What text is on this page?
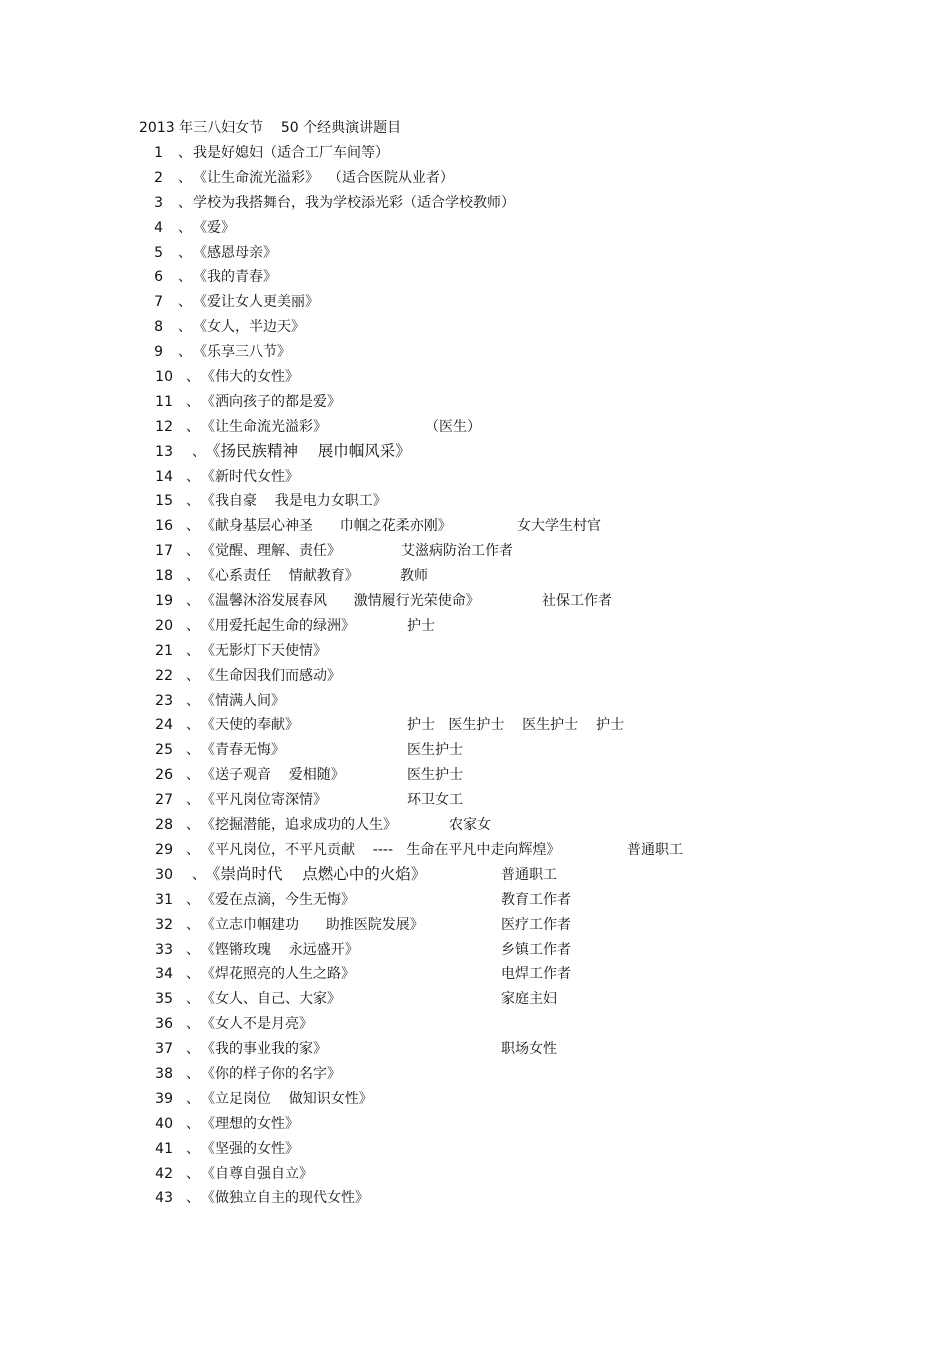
2013 年三八妇女节    50 个经典演讲题目
1 、 我是好媳妇（适合工厂车间等）
2 、 《让生命流光溢彩》  （适合医院从业者）
3 、 学校为我搭舞台，我为学校添光彩（适合学校教师）
4 、 《爱》
5 、 《感恩母亲》
6 、 《我的青春》
7 、 《爱让女人更美丽》
8 、 《女人，半边天》
9 、 《乐享三八节》
10 、 《伟大的女性》
11 、 《洒向孩子的都是爱》
12 、 《让生命流光溢彩》	（医生）
13 、 《扬民族精神    展巾帼风采》
14 、 《新时代女性》
15 、 《我自豪    我是电力女职工》
16 、 《献身基层心神圣      巾帼之花柔亦刚》	女大学生村官
17 、 《觉醒、理解、责任》	艾滋病防治工作者
18 、 《心系责任    情献教育》	教师
19 、 《温馨沐浴发展春风      激情履行光荣使命》	社保工作者
20 、 《用爱托起生命的绿洲》	护士
21 、 《无影灯下天使情》
22 、 《生命因我们而感动》
23 、 《情满人间》
24 、 《天使的奉献》	护士   医生护士    医生护士    护士
25 、 《青春无悔》	医生护士
26 、 《送子观音    爱相随》	医生护士
27 、 《平凡岗位寄深情》	环卫女工
28 、 《挖掘潜能，追求成功的人生》	农家女
29 、 《平凡岗位，不平凡贡献    ----   生命在平凡中走向辉煌》	普通职工
30 、 《崇尚时代    点燃心中的火焰》	普通职工
31 、 《爱在点滴，今生无悔》	教育工作者
32 、 《立志巾帼建功      助推医院发展》	医疗工作者
33 、 《铿锵玫瑰    永远盛开》	乡镇工作者
34 、 《焊花照亮的人生之路》	电焊工作者
35 、 《女人、自己、大家》	家庭主妇
36 、 《女人不是月亮》
37 、 《我的事业我的家》	职场女性
38 、 《你的样子你的名字》
39 、 《立足岗位    做知识女性》
40 、 《理想的女性》
41 、 《坚强的女性》
42 、 《自尊自强自立》
43 、 《做独立自主的现代女性》
